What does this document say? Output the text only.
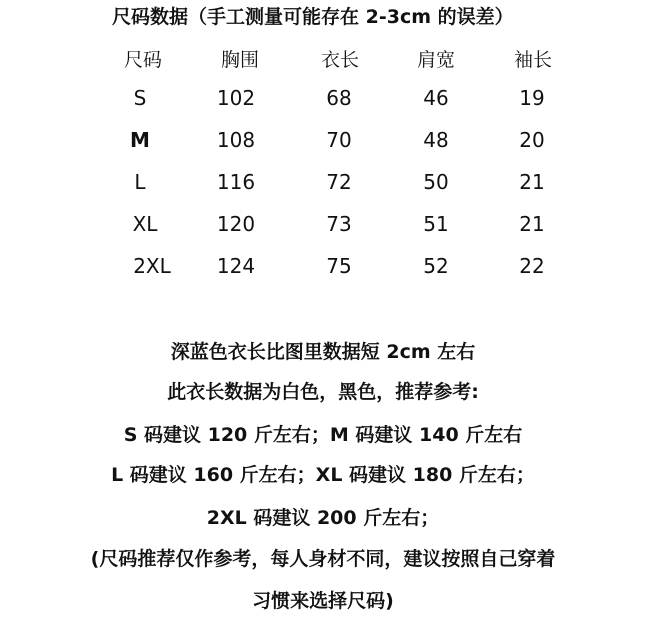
尺码数据（手工测量可能存在 2-3cm 的误差）
尺码	胸围	衣长	肩宽	袖长
S	102	68	46	19
M	108	70	48	20
L	116	72	50	21
XL	120	73	51	21
2XL 124	75	52	22
深蓝色衣长比图里数据短 2cm 左右
此衣长数据为白色，黑色，推荐参考:
S 码建议 120 斤左右；M 码建议 140 斤左右
L 码建议 160 斤左右；XL 码建议 180 斤左右；
2XL 码建议 200 斤左右；
(尺码推荐仅作参考，每人身材不同，建议按照自己穿着
习惯来选择尺码)
